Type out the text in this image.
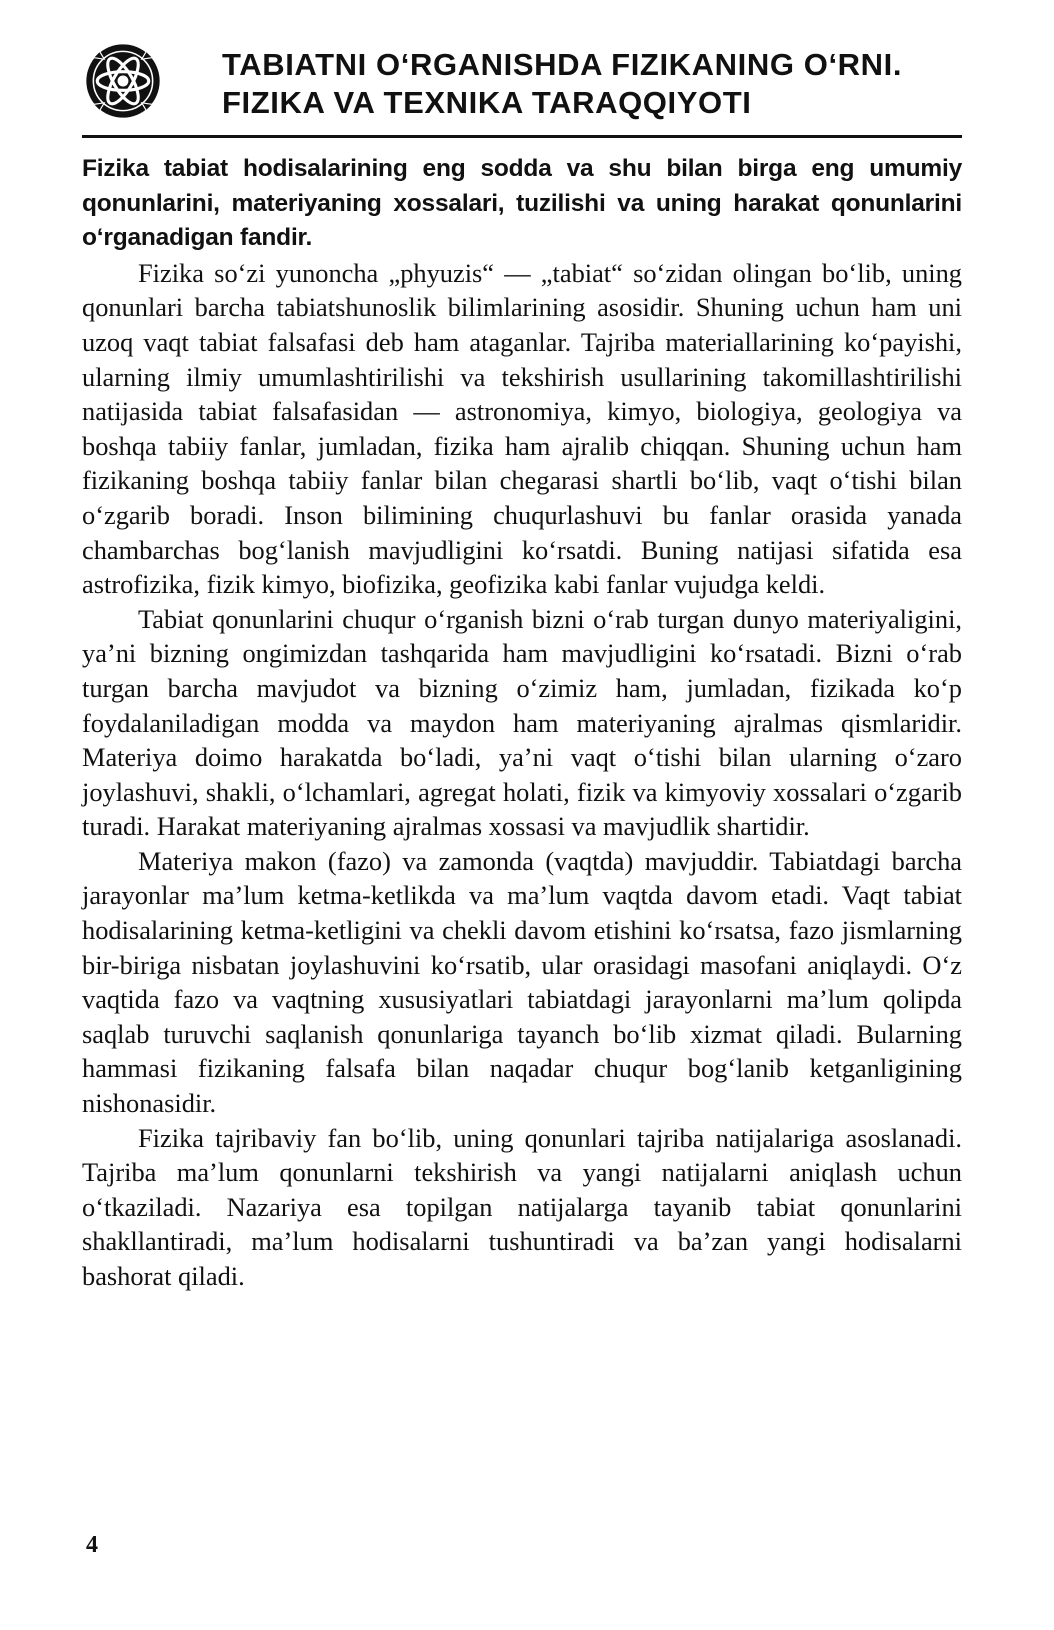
TABIATNI O‘RGANISHDA FIZIKANING O‘RNI.
FIZIKA VA TEXNIKA TARAQQIYOTI

Fizika tabiat hodisalarining eng sodda va shu bilan birga eng umumiy qonunlarini, materiyaning xossalari, tuzilishi va uning harakat qonunlarini o‘rganadigan fandir.

Fizika so‘zi yunoncha „phyuzis“ — „tabiat“ so‘zidan olingan bo‘lib, uning qonunlari barcha tabiatshunoslik bilimlarining asosidir. Shuning uchun ham uni uzoq vaqt tabiat falsafasi deb ham ataganlar. Tajriba materiallarining ko‘payishi, ularning ilmiy umumlashtirilishi va tekshirish usullarining takomillashtirilishi natijasida tabiat falsafasidan — astronomiya, kimyo, biologiya, geologiya va boshqa tabiiy fanlar, jumladan, fizika ham ajralib chiqqan. Shuning uchun ham fizikaning boshqa tabiiy fanlar bilan chegarasi shartli bo‘lib, vaqt o‘tishi bilan o‘zgarib boradi. Inson bilimining chuqurlashuvi bu fanlar orasida yanada chambarchas bog‘lanish mavjudligini ko‘rsatdi. Buning natijasi sifatida esa astrofizika, fizik kimyo, biofizika, geofizika kabi fanlar vujudga keldi.

Tabiat qonunlarini chuqur o‘rganish bizni o‘rab turgan dunyo materiyaligini, ya’ni bizning ongimizdan tashqarida ham mavjudligini ko‘rsatadi. Bizni o‘rab turgan barcha mavjudot va bizning o‘zimiz ham, jumladan, fizikada ko‘p foydalaniladigan modda va maydon ham materiyaning ajralmas qismlaridir. Materiya doimo harakatda bo‘ladi, ya’ni vaqt o‘tishi bilan ularning o‘zaro joylashuvi, shakli, o‘lchamlari, agregat holati, fizik va kimyoviy xossalari o‘zgarib turadi. Harakat materiyaning ajralmas xossasi va mavjudlik shartidir.

Materiya makon (fazo) va zamonda (vaqtda) mavjuddir. Tabiatdagi barcha jarayonlar ma’lum ketma-ketlikda va ma’lum vaqtda davom etadi. Vaqt tabiat hodisalarining ketma-ketligini va chekli davom etishini ko‘rsatsa, fazo jismlarning bir-biriga nisbatan joylashuvini ko‘rsatib, ular orasidagi masofani aniqlaydi. O‘z vaqtida fazo va vaqtning xususiyatlari tabiatdagi jarayonlarni ma’lum qolipda saqlab turuvchi saqlanish qonunlariga tayanch bo‘lib xizmat qiladi. Bularning hammasi fizikaning falsafa bilan naqadar chuqur bog‘lanib ketganligining nishonasidir.

Fizika tajribaviy fan bo‘lib, uning qonunlari tajriba natijalariga asoslanadi. Tajriba ma’lum qonunlarni tekshirish va yangi natijalarni aniqlash uchun o‘tkaziladi. Nazariya esa topilgan natijalarga tayanib tabiat qonunlarini shakllantiradi, ma’lum hodisalarni tushuntiradi va ba’zan yangi hodisalarni bashorat qiladi.

4
